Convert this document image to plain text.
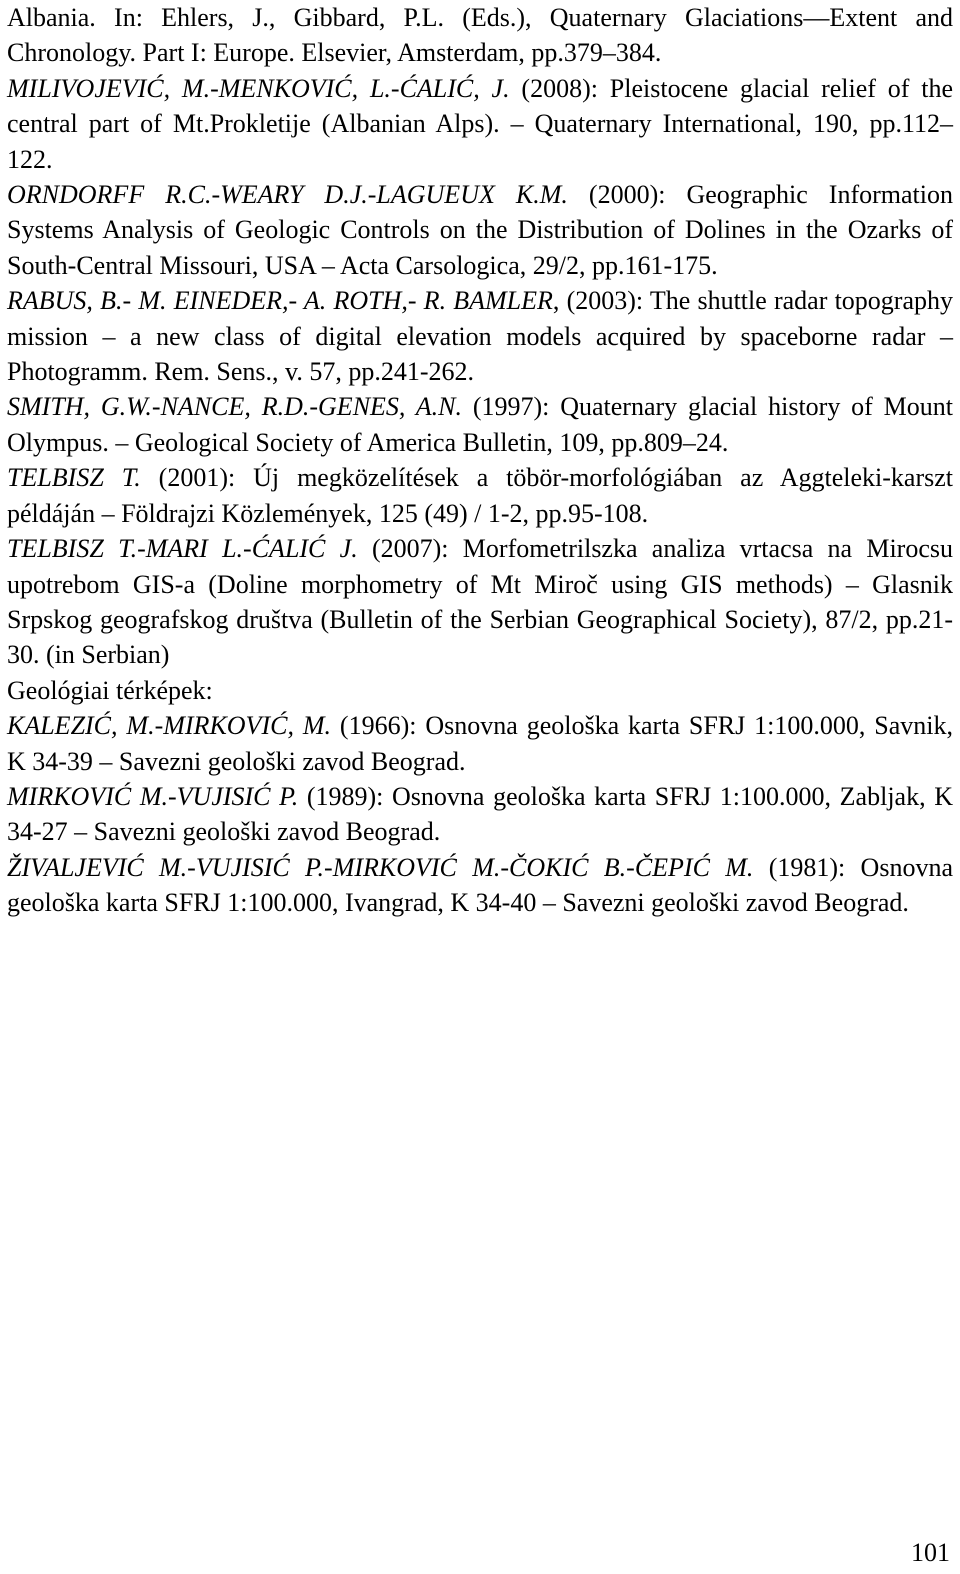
Albania. In: Ehlers, J., Gibbard, P.L. (Eds.), Quaternary Glaciations—Extent and Chronology. Part I: Europe. Elsevier, Amsterdam, pp.379–384.

MILIVOJEVIĆ, M.-MENKOVIĆ, L.-ĆALIĆ, J. (2008): Pleistocene glacial relief of the central part of Mt.Prokletije (Albanian Alps). – Quaternary International, 190, pp.112–122.

ORNDORFF R.C.-WEARY D.J.-LAGUEUX K.M. (2000): Geographic Information Systems Analysis of Geologic Controls on the Distribution of Dolines in the Ozarks of South-Central Missouri, USA – Acta Carsologica, 29/2, pp.161-175.

RABUS, B.- M. EINEDER,- A. ROTH,- R. BAMLER, (2003): The shuttle radar topography mission – a new class of digital elevation models acquired by spaceborne radar – Photogramm. Rem. Sens., v. 57, pp.241-262.

SMITH, G.W.-NANCE, R.D.-GENES, A.N. (1997): Quaternary glacial history of Mount Olympus. – Geological Society of America Bulletin, 109, pp.809–24.

TELBISZ T. (2001): Új megközelítések a töbör-morfológiában az Aggteleki-karszt példáján – Földrajzi Közlemények, 125 (49) / 1-2, pp.95-108.

TELBISZ T.-MARI L.-ĆALIĆ J. (2007): Morfometrilszka analiza vrtacsa na Mirocsu upotrebom GIS-a (Doline morphometry of Mt Miroč using GIS methods) – Glasnik Srpskog geografskog društva (Bulletin of the Serbian Geographical Society), 87/2, pp.21-30. (in Serbian)

Geológiai térképek:

KALEZIĆ, M.-MIRKOVIĆ, M. (1966): Osnovna geološka karta SFRJ 1:100.000, Savnik, K 34-39 – Savezni geološki zavod Beograd.

MIRKOVIĆ M.-VUJISIĆ P. (1989): Osnovna geološka karta SFRJ 1:100.000, Zabljak, K 34-27 – Savezni geološki zavod Beograd.

ŽIVALJEVIĆ M.-VUJISIĆ P.-MIRKOVIĆ M.-ČOKIĆ B.-ČEPIĆ M. (1981): Osnovna geološka karta SFRJ 1:100.000, Ivangrad, K 34-40 – Savezni geološki zavod Beograd.

101
